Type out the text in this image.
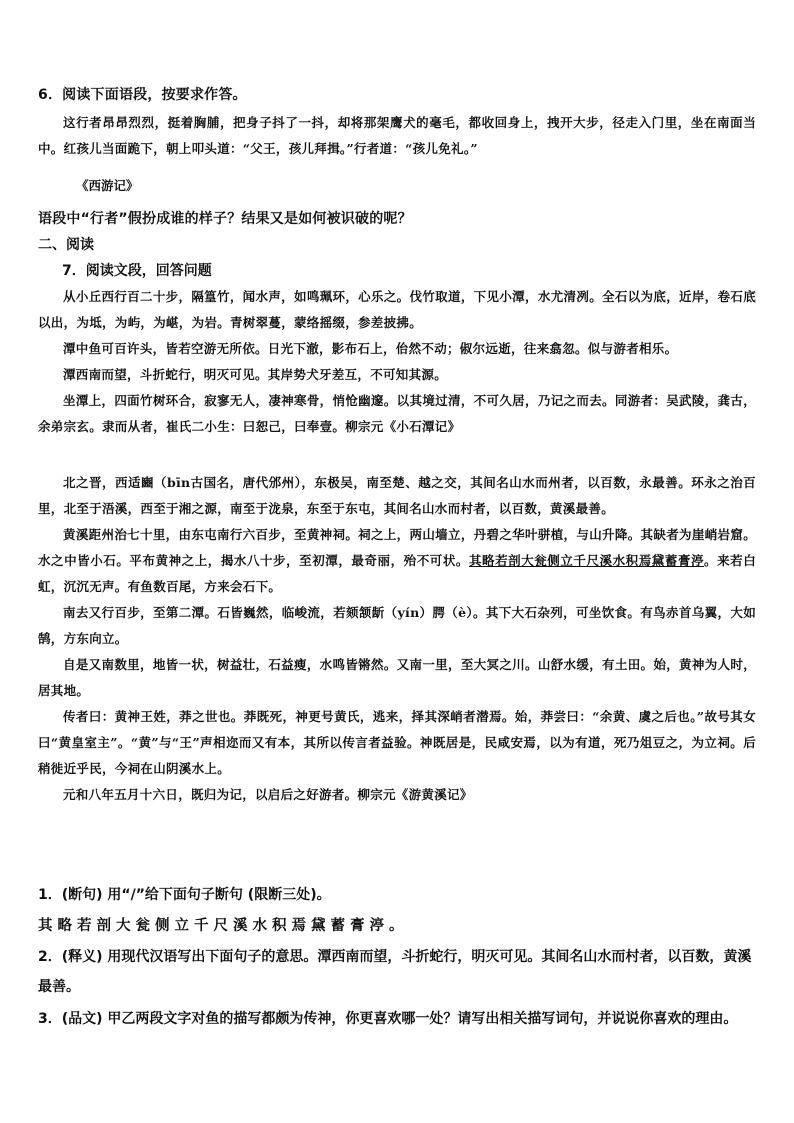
6．阅读下面语段，按要求作答。

这行者昂昂烈烈，挺着胸脯，把身子抖了一抖，却将那架鹰犬的毫毛，都收回身上，拽开大步，径走入门里，坐在南面当中。红孩儿当面跪下，朝上叩头道：“父王，孩儿拜揖。”行者道：“孩儿免礼。”

《西游记》
语段中“行者”假扮成谁的样子？结果又是如何被识破的呢？
二、阅读
7．阅读文段，回答问题

从小丘西行百二十步，隔篁竹，闻水声，如鸣珮环，心乐之。伐竹取道，下见小潭，水尤清冽。全石以为底，近岸，卷石底以出，为坻，为屿，为嵁，为岩。青树翠蔓，蒙络摇缀，参差披拂。

潭中鱼可百许头，皆若空游无所依。日光下澈，影布石上，佁然不动；俶尔远逝，往来翕忽。似与游者相乐。

潭西南而望，斗折蛇行，明灭可见。其岸势犬牙差互，不可知其源。

坐潭上，四面竹树环合，寂寥无人，凄神寒骨，悄怆幽邃。以其境过清，不可久居，乃记之而去。同游者：吴武陵，龚古，余弟宗玄。隶而从者，崔氏二小生：曰恕己，曰奉壹。柳宗元《小石潭记》

北之晋，西适豳（bīn古国名，唐代邠州），东极吴，南至楚、越之交，其间名山水而州者，以百数，永最善。环永之治百里，北至于浯溪，西至于湘之源，南至于泷泉，东至于东屯，其间名山水而村者，以百数，黄溪最善。

黄溪距州治七十里，由东屯南行六百步，至黄神祠。祠之上，两山墙立，丹碧之华叶骈植，与山升降。其缺者为崖峭岩窟。水之中皆小石。平布黄神之上，揭水八十步，至初潭，最奇丽，殆不可状。其略若剖大瓮侧立千尺溪水积焉黛蓄膏渟。来若白虹，沉沉无声。有鱼数百尾，方来会石下。

南去又行百步，至第二潭。石皆巍然，临峻流，若颏颔龂（yín）腭（è）。其下大石杂列，可坐饮食。有鸟赤首乌翼，大如鹄，方东向立。

自是又南数里，地皆一状，树益壮，石益瘦，水鸣皆锵然。又南一里，至大冥之川。山舒水缓，有土田。始，黄神为人时，居其地。

传者曰：黄神王姓，莽之世也。莽既死，神更号黄氏，逃来，择其深峭者潜焉。始，莽尝曰：“余黄、虞之后也。”故号其女曰“黄皇室主”。“黄”与“王”声相迩而又有本，其所以传言者益验。神既居是，民咸安焉，以为有道，死乃俎豆之，为立祠。后稍徙近乎民，今祠在山阴溪水上。

元和八年五月十六日，既归为记，以启后之好游者。柳宗元《游黄溪记》

1．(断句) 用“/”给下面句子断句 (限断三处)。
其略若剖大瓮侧立千尺溪水积焉黛蓄膏渟。
2．(释义) 用现代汉语写出下面句子的意思。潭西南而望，斗折蛇行，明灭可见。其间名山水而村者，以百数，黄溪最善。
3．(品文) 甲乙两段文字对鱼的描写都颇为传神，你更喜欢哪一处？请写出相关描写词句，并说说你喜欢的理由。
